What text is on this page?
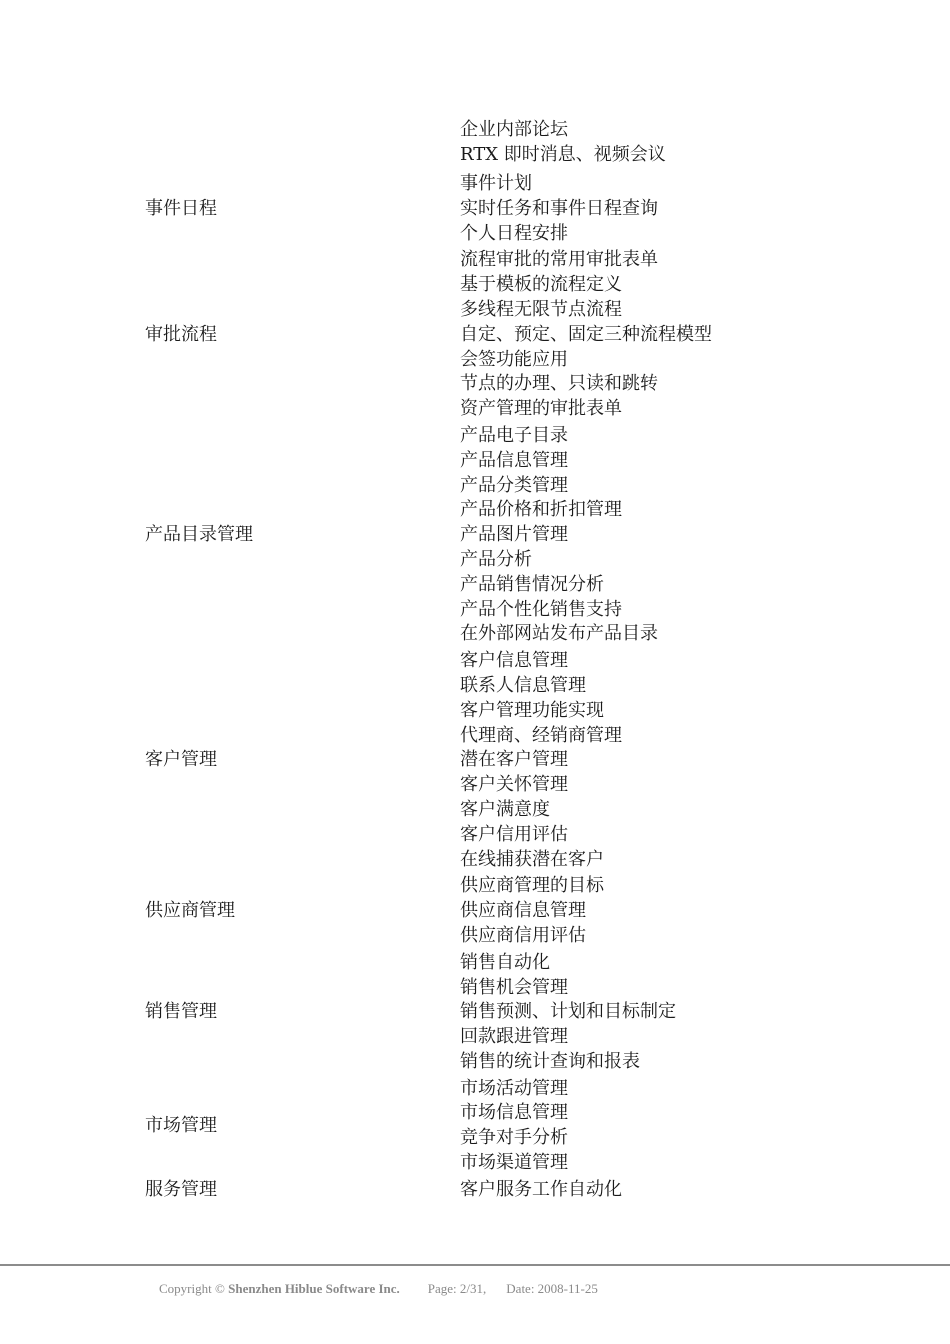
企业内部论坛
RTX 即时消息、视频会议
事件日程
事件计划
实时任务和事件日程查询
个人日程安排
审批流程
流程审批的常用审批表单
基于模板的流程定义
多线程无限节点流程
自定、预定、固定三种流程模型
会签功能应用
节点的办理、只读和跳转
资产管理的审批表单
产品目录管理
产品电子目录
产品信息管理
产品分类管理
产品价格和折扣管理
产品图片管理
产品分析
产品销售情况分析
产品个性化销售支持
在外部网站发布产品目录
客户管理
客户信息管理
联系人信息管理
客户管理功能实现
代理商、经销商管理
潜在客户管理
客户关怀管理
客户满意度
客户信用评估
在线捕获潜在客户
供应商管理
供应商管理的目标
供应商信息管理
供应商信用评估
销售管理
销售自动化
销售机会管理
销售预测、计划和目标制定
回款跟进管理
销售的统计查询和报表
市场管理
市场活动管理
市场信息管理
竞争对手分析
市场渠道管理
服务管理	客户服务工作自动化
Copyright © Shenzhen Hiblue Software Inc. Page: 2/31, Date: 2008-11-25
